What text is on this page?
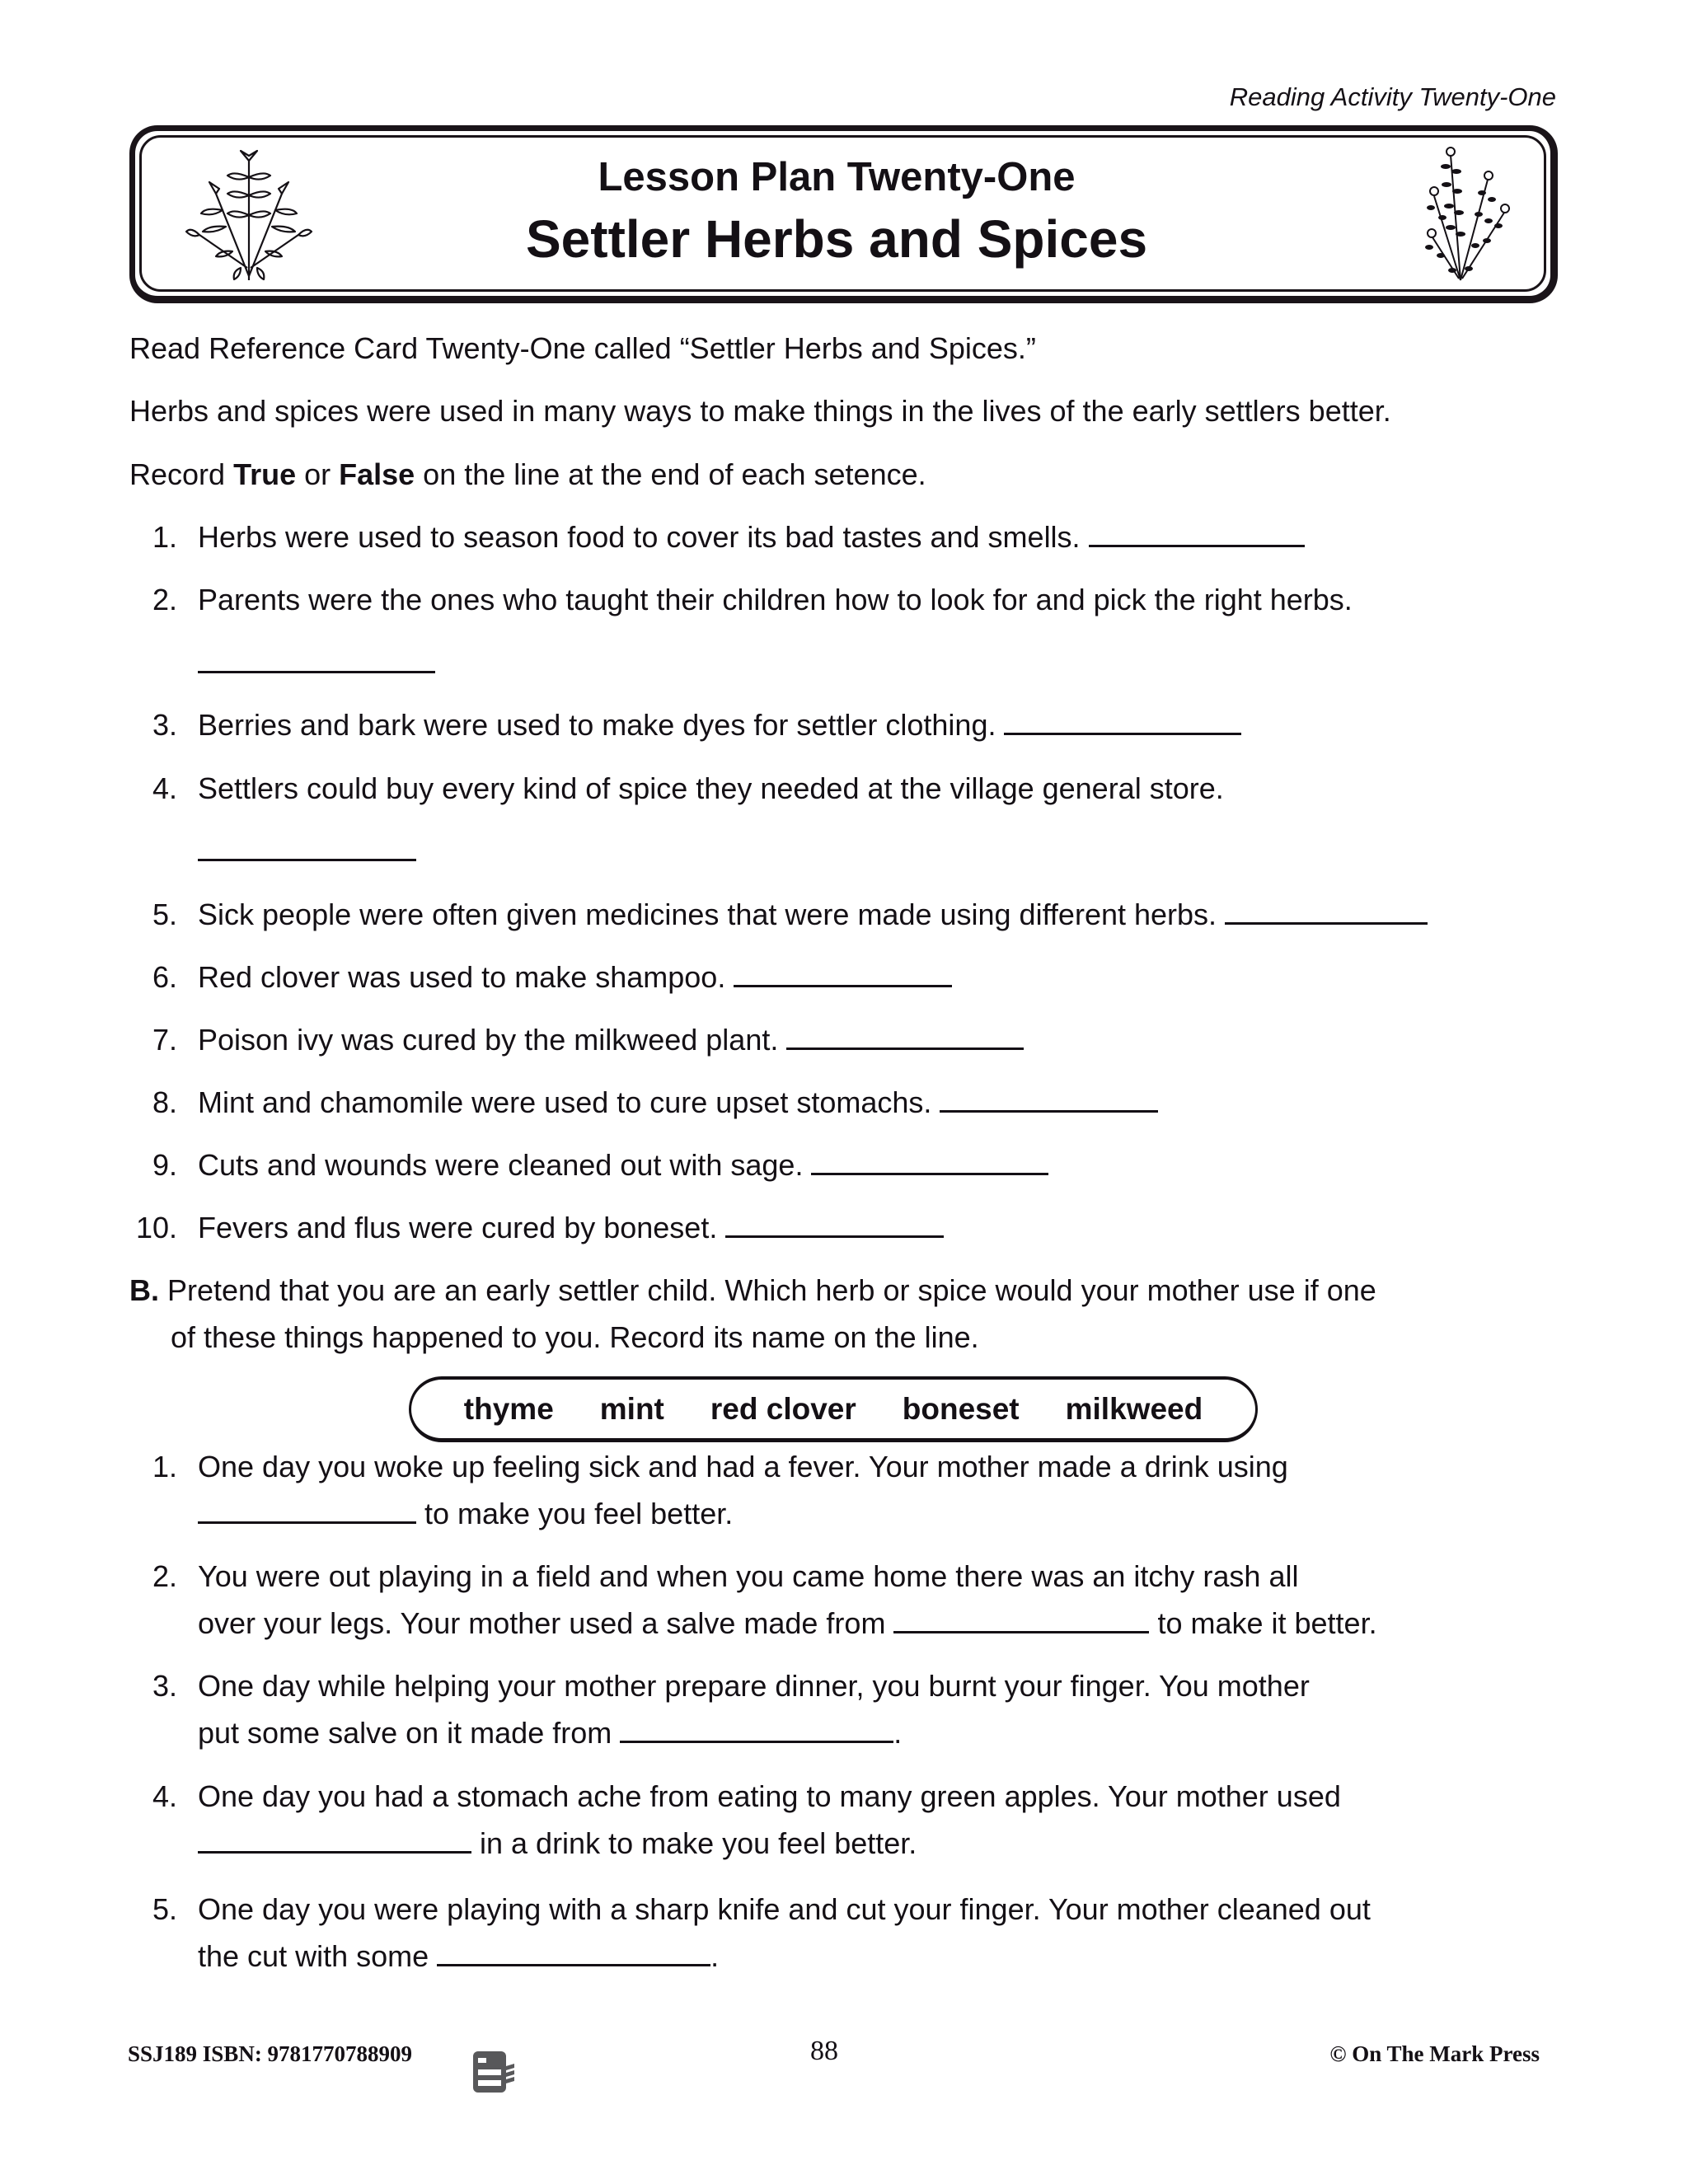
Reading Activity Twenty-One
Lesson Plan Twenty-One
Settler Herbs and Spices
Read Reference Card Twenty-One called “Settler Herbs and Spices.”
Herbs and spices were used in many ways to make things in the lives of the early settlers better.
Record True or False on the line at the end of each setence.
1. Herbs were used to season food to cover its bad tastes and smells.
2. Parents were the ones who taught their children how to look for and pick the right herbs.
3. Berries and bark were used to make dyes for settler clothing.
4. Settlers could buy every kind of spice they needed at the village general store.
5. Sick people were often given medicines that were made using different herbs.
6. Red clover was used to make shampoo.
7. Poison ivy was cured by the milkweed plant.
8. Mint and chamomile were used to cure upset stomachs.
9. Cuts and wounds were cleaned out with sage.
10. Fevers and flus were cured by boneset.
B. Pretend that you are an early settler child. Which herb or spice would your mother use if one
of these things happened to you. Record its name on the line.
thyme mint red clover boneset milkweed
1. One day you woke up feeling sick and had a fever. Your mother made a drink using
to make you feel better.
2. You were out playing in a field and when you came home there was an itchy rash all
over your legs. Your mother used a salve made from	to make it better.
3. One day while helping your mother prepare dinner, you burnt your finger. You mother
put some salve on it made from	.
4. One day you had a stomach ache from eating to many green apples. Your mother used
in a drink to make you feel better.
5. One day you were playing with a sharp knife and cut your finger. Your mother cleaned out
the cut with some	.
SSJ189 ISBN: 9781770788909	88	© On The Mark Press
